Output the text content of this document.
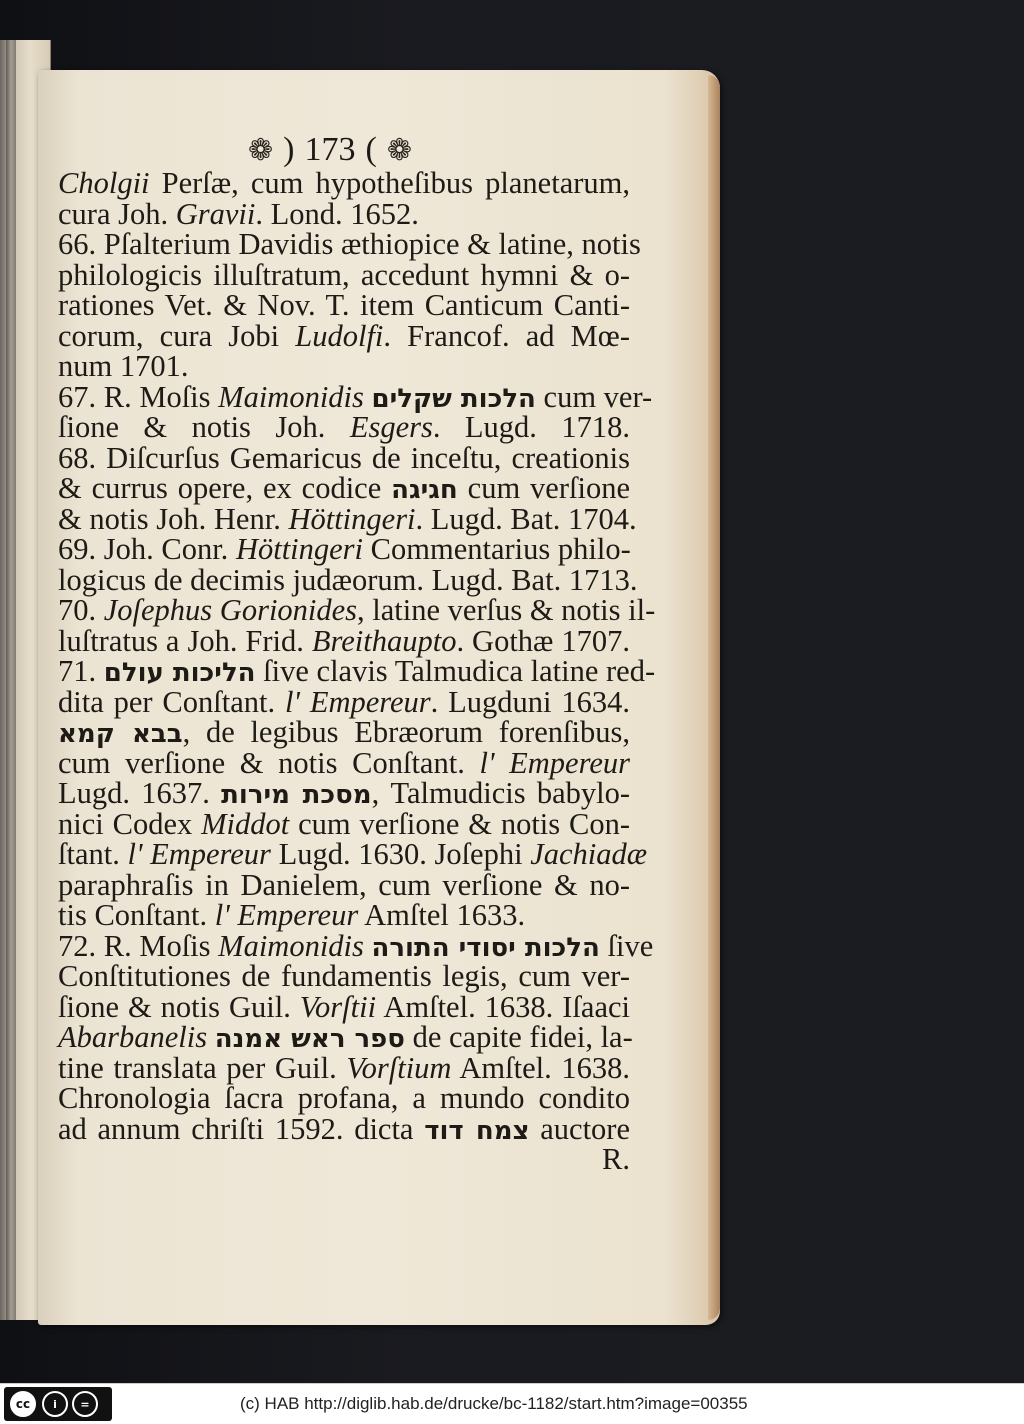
❁ ) 173 ( ❁
Cholgii Perſæ, cum hypotheſibus planetarum,
cura Joh. Gravii. Lond. 1652.
66. Pſalterium Davidis æthiopice & latine, notis
philologicis illuſtratum, accedunt hymni & o-
rationes Vet. & Nov. T. item Canticum Canti-
corum, cura Jobi Ludolfi. Francof. ad Mœ-
num 1701.
67. R. Moſis Maimonidis הלכות שקלים cum ver-
ſione & notis Joh. Esgers. Lugd. 1718.
68. Diſcurſus Gemaricus de inceſtu, creationis
& currus opere, ex codice חגיגה cum verſione
& notis Joh. Henr. Höttingeri. Lugd. Bat. 1704.
69. Joh. Conr. Höttingeri Commentarius philo-
logicus de decimis judæorum. Lugd. Bat. 1713.
70. Joſephus Gorionides, latine verſus & notis il-
luſtratus a Joh. Frid. Breithaupto. Gothæ 1707.
71. הליכות עולם ſive clavis Talmudica latine red-
dita per Conſtant. l' Empereur. Lugduni 1634.
בבא קמא, de legibus Ebræorum forenſibus,
cum verſione & notis Conſtant. l' Empereur
Lugd. 1637. מסכת מירות, Talmudicis babylo-
nici Codex Middot cum verſione & notis Con-
ſtant. l' Empereur Lugd. 1630. Joſephi Jachiadæ
paraphraſis in Danielem, cum verſione & no-
tis Conſtant. l' Empereur Amſtel 1633.
72. R. Moſis Maimonidis הלכות יסודי התורה ſive
Conſtitutiones de fundamentis legis, cum ver-
ſione & notis Guil. Vorſtii Amſtel. 1638. Iſaaci
Abarbanelis ספר ראש אמנה de capite fidei, la-
tine translata per Guil. Vorſtium Amſtel. 1638.
Chronologia ſacra profana, a mundo condito
ad annum chriſti 1592. dicta צמח דוד auctore
R.
cc	i	=	(c) HAB http://diglib.hab.de/drucke/bc-1182/start.htm?image=00355
